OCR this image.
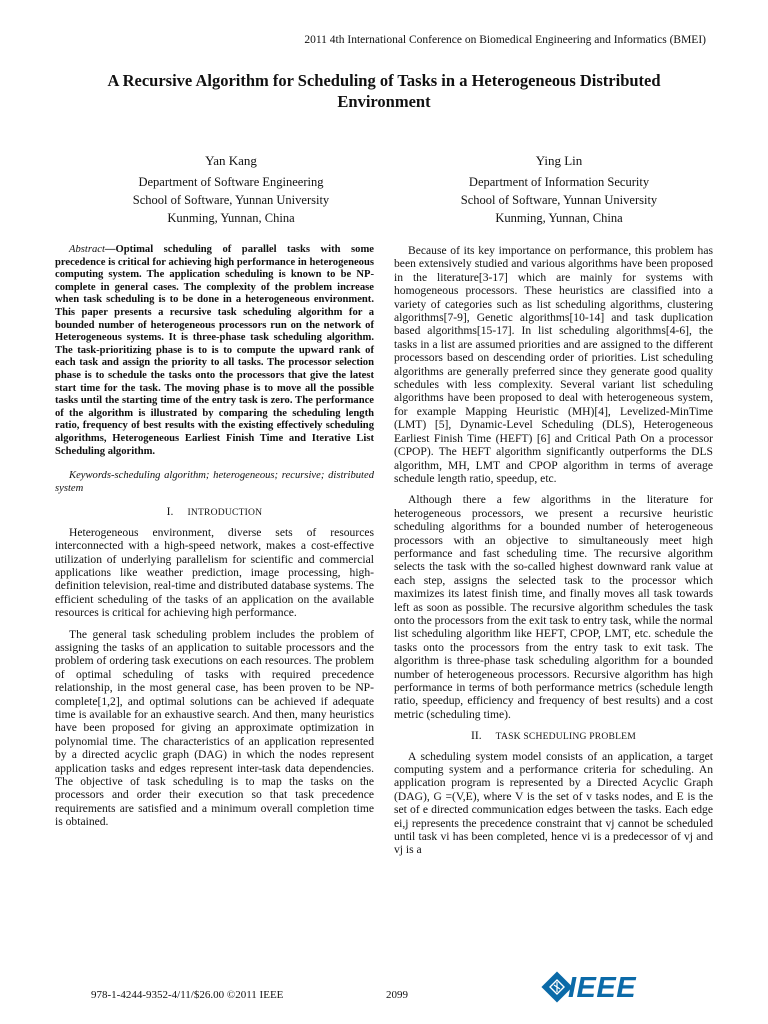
2011 4th International Conference on Biomedical Engineering and Informatics (BMEI)
A Recursive Algorithm for Scheduling of Tasks in a Heterogeneous Distributed Environment
Yan Kang
Department of Software Engineering
School of Software, Yunnan University
Kunming, Yunnan, China
Ying Lin
Department of Information Security
School of Software, Yunnan University
Kunming, Yunnan, China

Abstract—Optimal scheduling of parallel tasks with some precedence is critical for achieving high performance in heterogeneous computing system. The application scheduling is known to be NP-complete in general cases. The complexity of the problem increase when task scheduling is to be done in a heterogeneous environment. This paper presents a recursive task scheduling algorithm for a bounded number of heterogeneous processors run on the network of Heterogeneous systems. It is three-phase task scheduling algorithm. The task-prioritizing phase is to is to compute the upward rank of each task and assign the priority to all tasks. The processor selection phase is to schedule the tasks onto the processors that give the latest start time for the task. The moving phase is to move all the possible tasks until the starting time of the entry task is zero. The performance of the algorithm is illustrated by comparing the scheduling length ratio, frequency of best results with the existing effectively scheduling algorithms, Heterogeneous Earliest Finish Time and Iterative List Scheduling algorithm.

Keywords-scheduling algorithm; heterogeneous; recursive; distributed system

I. INTRODUCTION

Heterogeneous environment, diverse sets of resources interconnected with a high-speed network, makes a cost-effective utilization of underlying parallelism for scientific and commercial applications like weather prediction, image processing, high-definition television, real-time and distributed database systems. The efficient scheduling of the tasks of an application on the available resources is critical for achieving high performance.

The general task scheduling problem includes the problem of assigning the tasks of an application to suitable processors and the problem of ordering task executions on each resources. The problem of optimal scheduling of tasks with required precedence relationship, in the most general case, has been proven to be NP-complete[1,2], and optimal solutions can be achieved if adequate time is available for an exhaustive search. And then, many heuristics have been proposed for giving an approximate optimization in polynomial time. The characteristics of an application represented by a directed acyclic graph (DAG) in which the nodes represent application tasks and edges represent inter-task data dependencies. The objective of task scheduling is to map the tasks on the processors and order their execution so that task precedence requirements are satisfied and a minimum overall completion time is obtained.

Because of its key importance on performance, this problem has been extensively studied and various algorithms have been proposed in the literature[3-17] which are mainly for systems with homogeneous processors. These heuristics are classified into a variety of categories such as list scheduling algorithms, clustering algorithms[7-9], Genetic algorithms[10-14] and task duplication based algorithms[15-17]. In list scheduling algorithms[4-6], the tasks in a list are assumed priorities and are assigned to the different processors based on descending order of priorities. List scheduling algorithms are generally preferred since they generate good quality schedules with less complexity. Several variant list scheduling algorithms have been proposed to deal with heterogeneous system, for example Mapping Heuristic (MH)[4], Levelized-MinTime (LMT) [5], Dynamic-Level Scheduling (DLS), Heterogeneous Earliest Finish Time (HEFT) [6] and Critical Path On a processor (CPOP). The HEFT algorithm significantly outperforms the DLS algorithm, MH, LMT and CPOP algorithm in terms of average schedule length ratio, speedup, etc.

Although there a few algorithms in the literature for heterogeneous processors, we present a recursive heuristic scheduling algorithms for a bounded number of heterogeneous processors with an objective to simultaneously meet high performance and fast scheduling time. The recursive algorithm selects the task with the so-called highest downward rank value at each step, assigns the selected task to the processor which maximizes its latest finish time, and finally moves all task towards left as soon as possible. The recursive algorithm schedules the task onto the processors from the exit task to entry task, while the normal list scheduling algorithm like HEFT, CPOP, LMT, etc. schedule the tasks onto the processors from the entry task to exit task. The algorithm is three-phase task scheduling algorithm for a bounded number of heterogeneous processors. Recursive algorithm has high performance in terms of both performance metrics (schedule length ratio, speedup, efficiency and frequency of best results) and a cost metric (scheduling time).

II. TASK SCHEDULING PROBLEM

A scheduling system model consists of an application, a target computing system and a performance criteria for scheduling. An application program is represented by a Directed Acyclic Graph (DAG), G =(V,E), where V is the set of v tasks nodes, and E is the set of e directed communication edges between the tasks. Each edge ei,j represents the precedence constraint that vj cannot be scheduled until task vi has been completed, hence vi is a predecessor of vj and vj is a

978-1-4244-9352-4/11/$26.00 ©2011 IEEE	2099	IEEE
